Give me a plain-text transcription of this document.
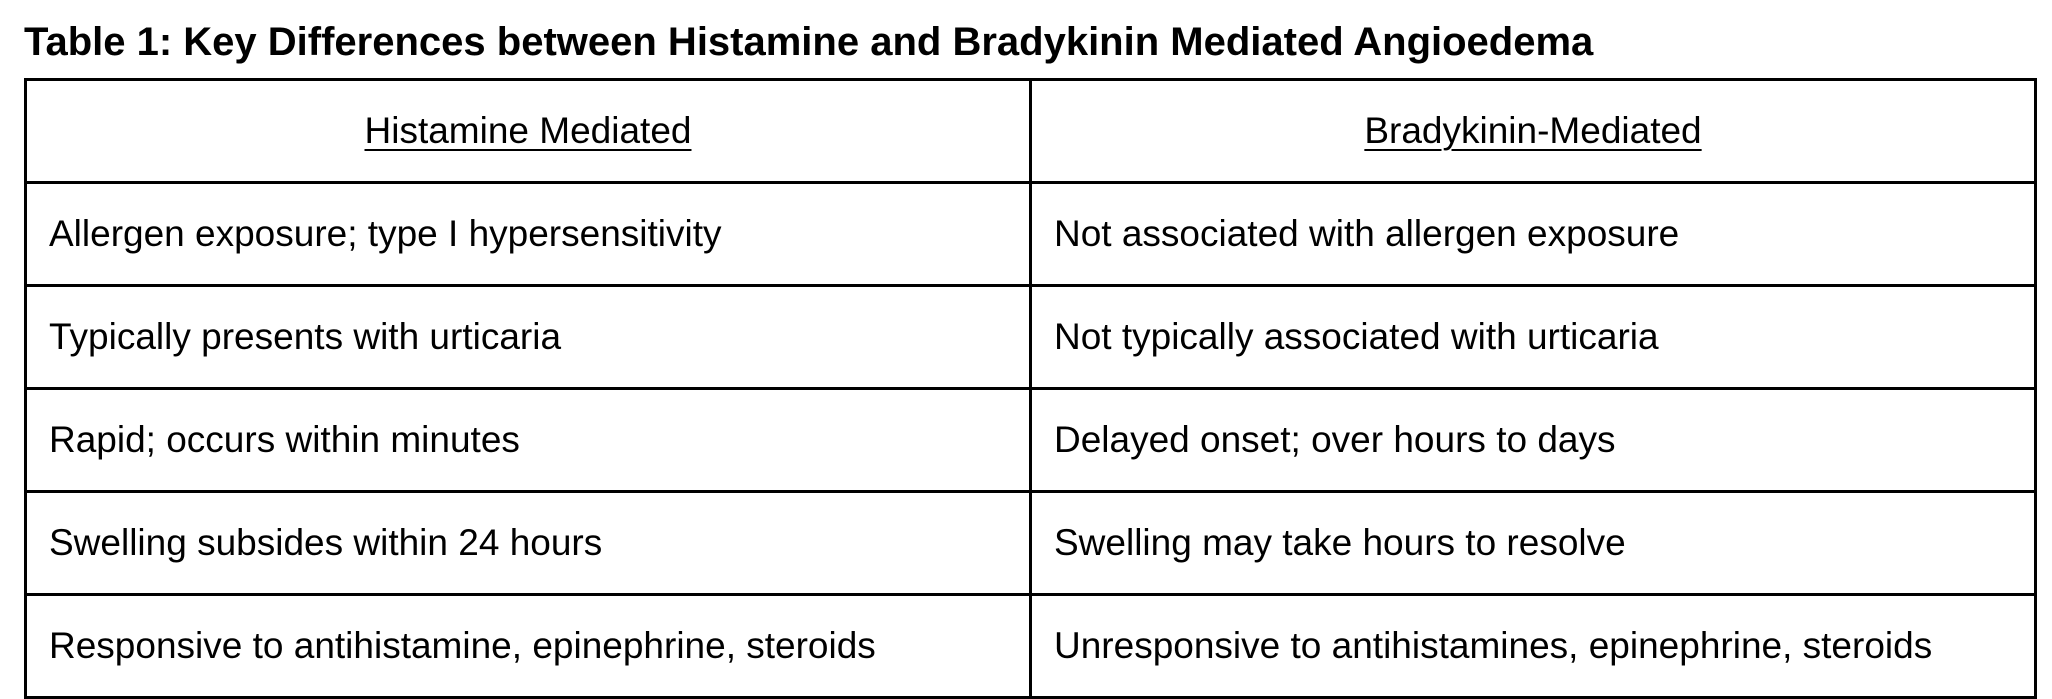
Table 1: Key Differences between Histamine and Bradykinin Mediated Angioedema
Histamine Mediated	Bradykinin-Mediated
Allergen exposure; type I hypersensitivity	Not associated with allergen exposure
Typically presents with urticaria	Not typically associated with urticaria
Rapid; occurs within minutes	Delayed onset; over hours to days
Swelling subsides within 24 hours	Swelling may take hours to resolve
Responsive to antihistamine, epinephrine, steroids	Unresponsive to antihistamines, epinephrine, steroids
